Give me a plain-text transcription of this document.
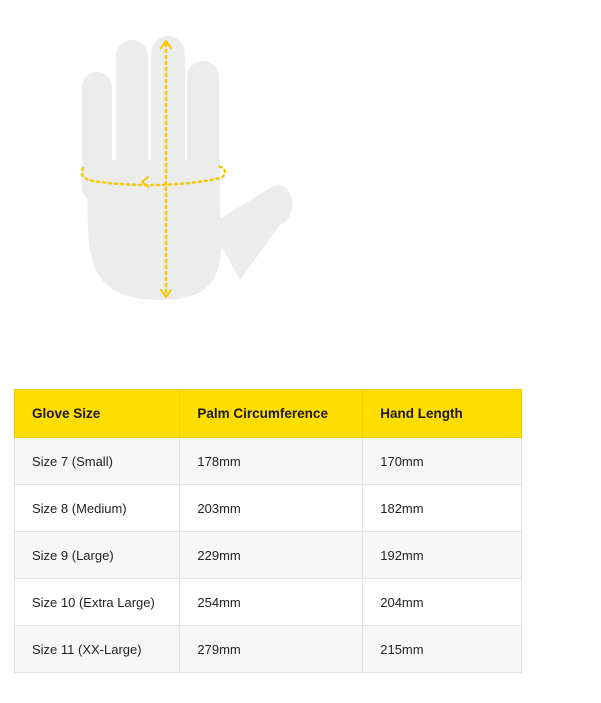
Glove Size	Palm Circumference	Hand Length
Size 7 (Small)	178mm	170mm
Size 8 (Medium)	203mm	182mm
Size 9 (Large)	229mm	192mm
Size 10 (Extra Large)	254mm	204mm
Size 11 (XX-Large)	279mm	215mm
